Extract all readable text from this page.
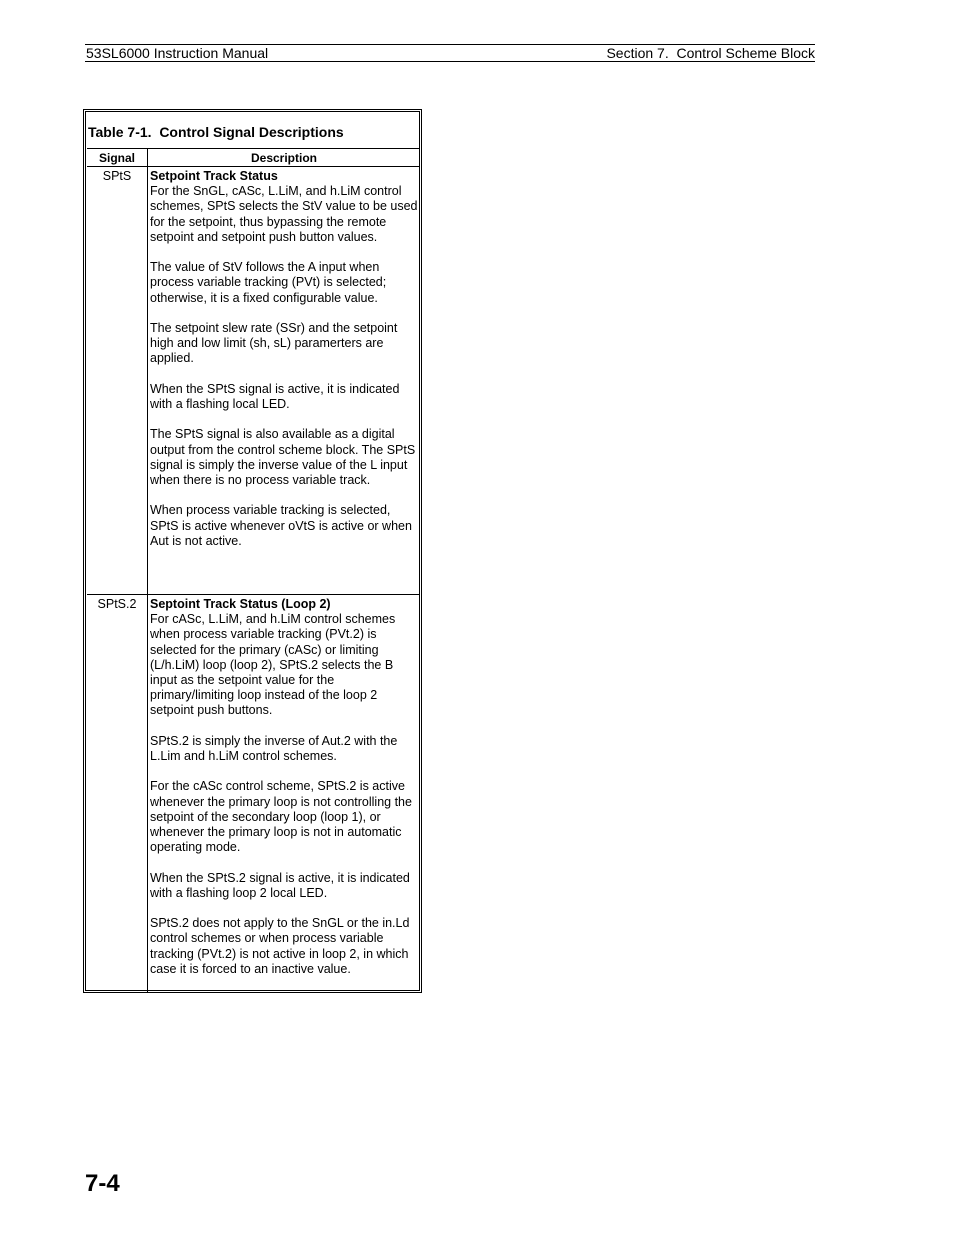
53SL6000 Instruction Manual	Section 7.  Control Scheme Block
Table 7-1.  Control Signal Descriptions
Signal	Description
SPtS	Setpoint Track Status

For the SnGL, cASc, L.LiM, and h.LiM control schemes, SPtS selects the StV value to be used for the setpoint, thus bypassing the remote setpoint and setpoint push button values.

The value of StV follows the A input when process variable tracking (PVt) is selected; otherwise, it is a fixed configurable value.

The setpoint slew rate (SSr) and the setpoint high and low limit (sh, sL) paramerters are applied.

When the SPtS signal is active, it is indicated with a flashing local LED.

The SPtS signal is also available as a digital output from the control scheme block. The SPtS signal is simply the inverse value of the L input when there is no process variable track.

When process variable tracking is selected, SPtS is active whenever oVtS is active or when Aut is not active.

SPtS.2	Septoint Track Status (Loop 2)

For cASc, L.LiM, and h.LiM control schemes when process variable tracking (PVt.2) is selected for the primary (cASc) or limiting (L/h.LiM) loop (loop 2), SPtS.2 selects the B input as the setpoint value for the primary/limiting loop instead of the loop 2 setpoint push buttons.

SPtS.2 is simply the inverse of Aut.2 with the L.Lim and h.LiM control schemes.

For the cASc control scheme, SPtS.2 is active whenever the primary loop is not controlling the setpoint of the secondary loop (loop 1), or whenever the primary loop is not in automatic operating mode.

When the SPtS.2 signal is active, it is indicated with a flashing loop 2 local LED.

SPtS.2 does not apply to the SnGL or the in.Ld control schemes or when process variable tracking (PVt.2) is not active in loop 2, in which case it is forced to an inactive value.

7-4
